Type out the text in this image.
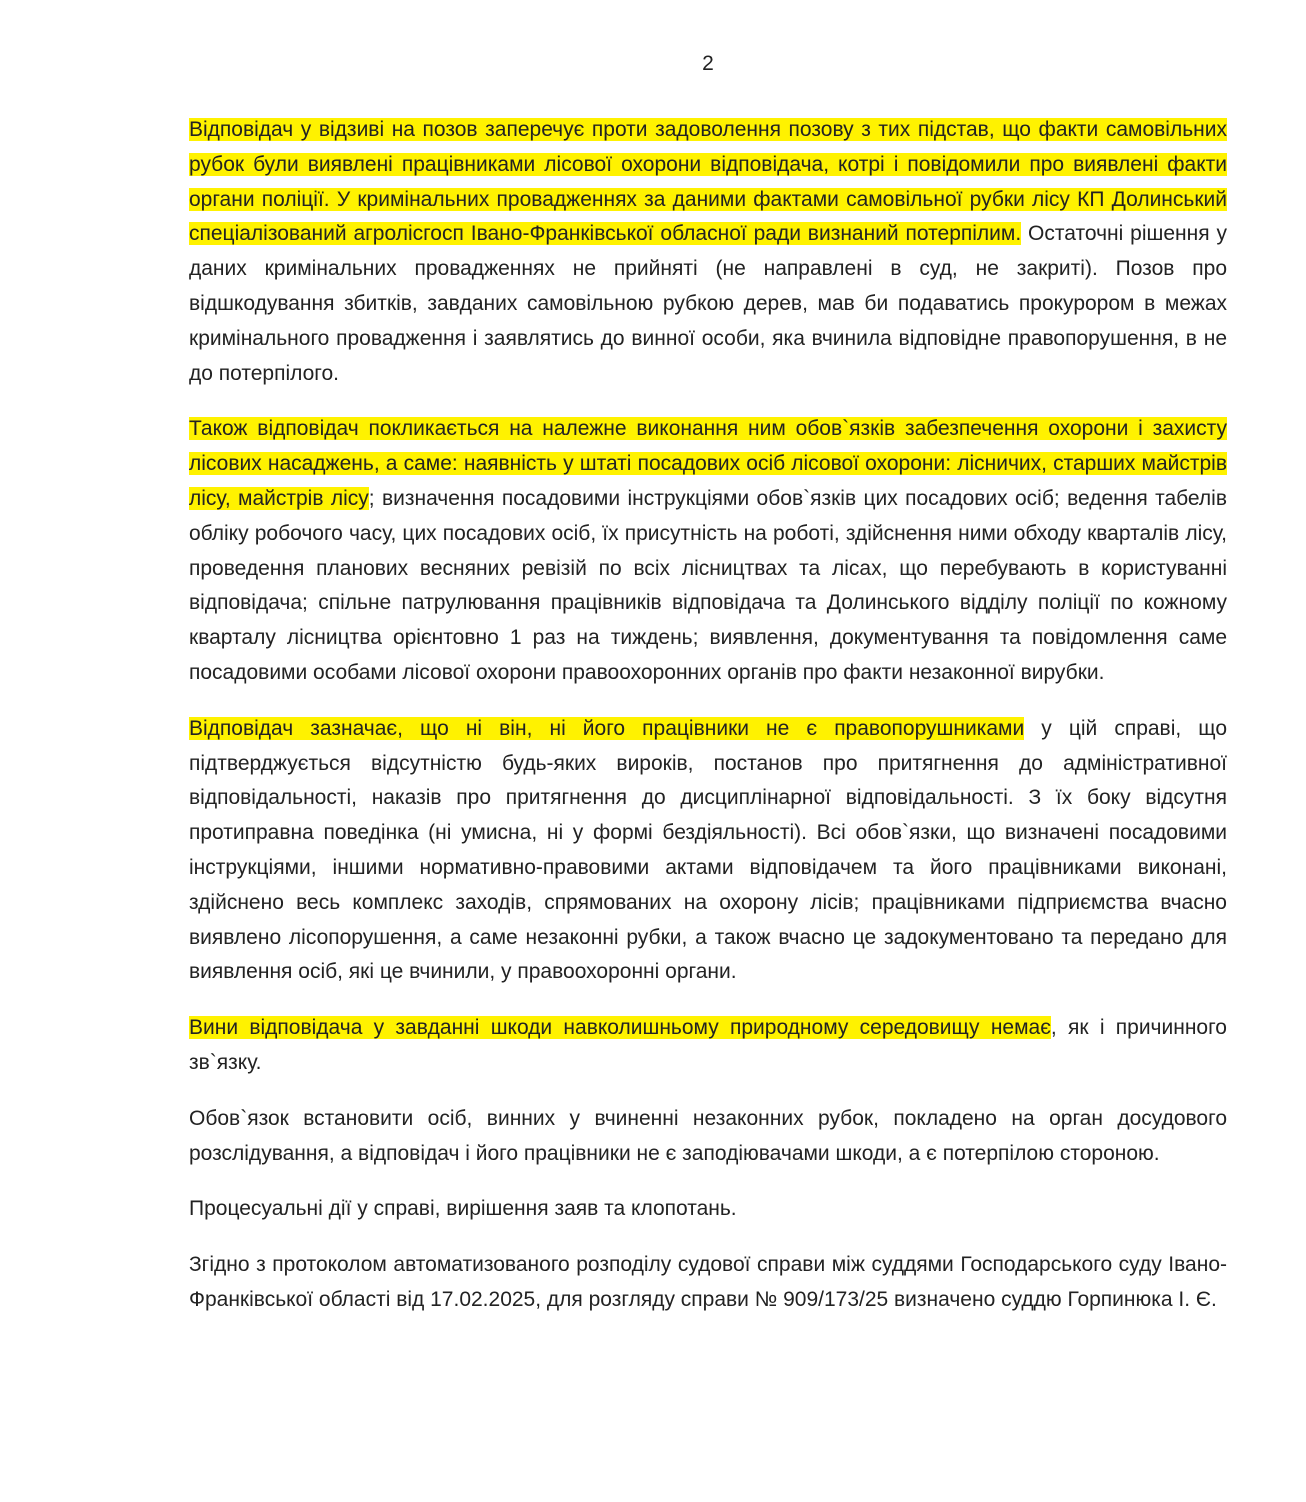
2

Відповідач у відзиві на позов заперечує проти задоволення позову з тих підстав, що факти самовільних рубок були виявлені працівниками лісової охорони відповідача, котрі і повідомили про виявлені факти органи поліції. У кримінальних провадженнях за даними фактами самовільної рубки лісу КП Долинський спеціалізований агролісгосп Івано-Франківської обласної ради визнаний потерпілим. Остаточні рішення у даних кримінальних провадженнях не прийняті (не направлені в суд, не закриті). Позов про відшкодування збитків, завданих самовільною рубкою дерев, мав би подаватись прокурором в межах кримінального провадження і заявлятись до винної особи, яка вчинила відповідне правопорушення, в не до потерпілого.

Також відповідач покликається на належне виконання ним обов`язків забезпечення охорони і захисту лісових насаджень, а саме: наявність у штаті посадових осіб лісової охорони: лісничих, старших майстрів лісу, майстрів лісу; визначення посадовими інструкціями обов`язків цих посадових осіб; ведення табелів обліку робочого часу, цих посадових осіб, їх присутність на роботі, здійснення ними обходу кварталів лісу, проведення планових весняних ревізій по всіх лісництвах та лісах, що перебувають в користуванні відповідача; спільне патрулювання працівників відповідача та Долинського відділу поліції по кожному кварталу лісництва орієнтовно 1 раз на тиждень; виявлення, документування та повідомлення саме посадовими особами лісової охорони правоохоронних органів про факти незаконної вирубки.

Відповідач зазначає, що ні він, ні його працівники не є правопорушниками у цій справі, що підтверджується відсутністю будь-яких вироків, постанов про притягнення до адміністративної відповідальності, наказів про притягнення до дисциплінарної відповідальності. З їх боку відсутня протиправна поведінка (ні умисна, ні у формі бездіяльності). Всі обов`язки, що визначені посадовими інструкціями, іншими нормативно-правовими актами відповідачем та його працівниками виконані, здійснено весь комплекс заходів, спрямованих на охорону лісів; працівниками підприємства вчасно виявлено лісопорушення, а саме незаконні рубки, а також вчасно це задокументовано та передано для виявлення осіб, які це вчинили, у правоохоронні органи.

Вини відповідача у завданні шкоди навколишньому природному середовищу немає, як і причинного зв`язку.

Обов`язок встановити осіб, винних у вчиненні незаконних рубок, покладено на орган досудового розслідування, а відповідач і його працівники не є заподіювачами шкоди, а є потерпілою стороною.

Процесуальні дії у справі, вирішення заяв та клопотань.

Згідно з протоколом автоматизованого розподілу судової справи між суддями Господарського суду Івано-Франківської області від 17.02.2025, для розгляду справи № 909/173/25 визначено суддю Горпинюка І. Є.
